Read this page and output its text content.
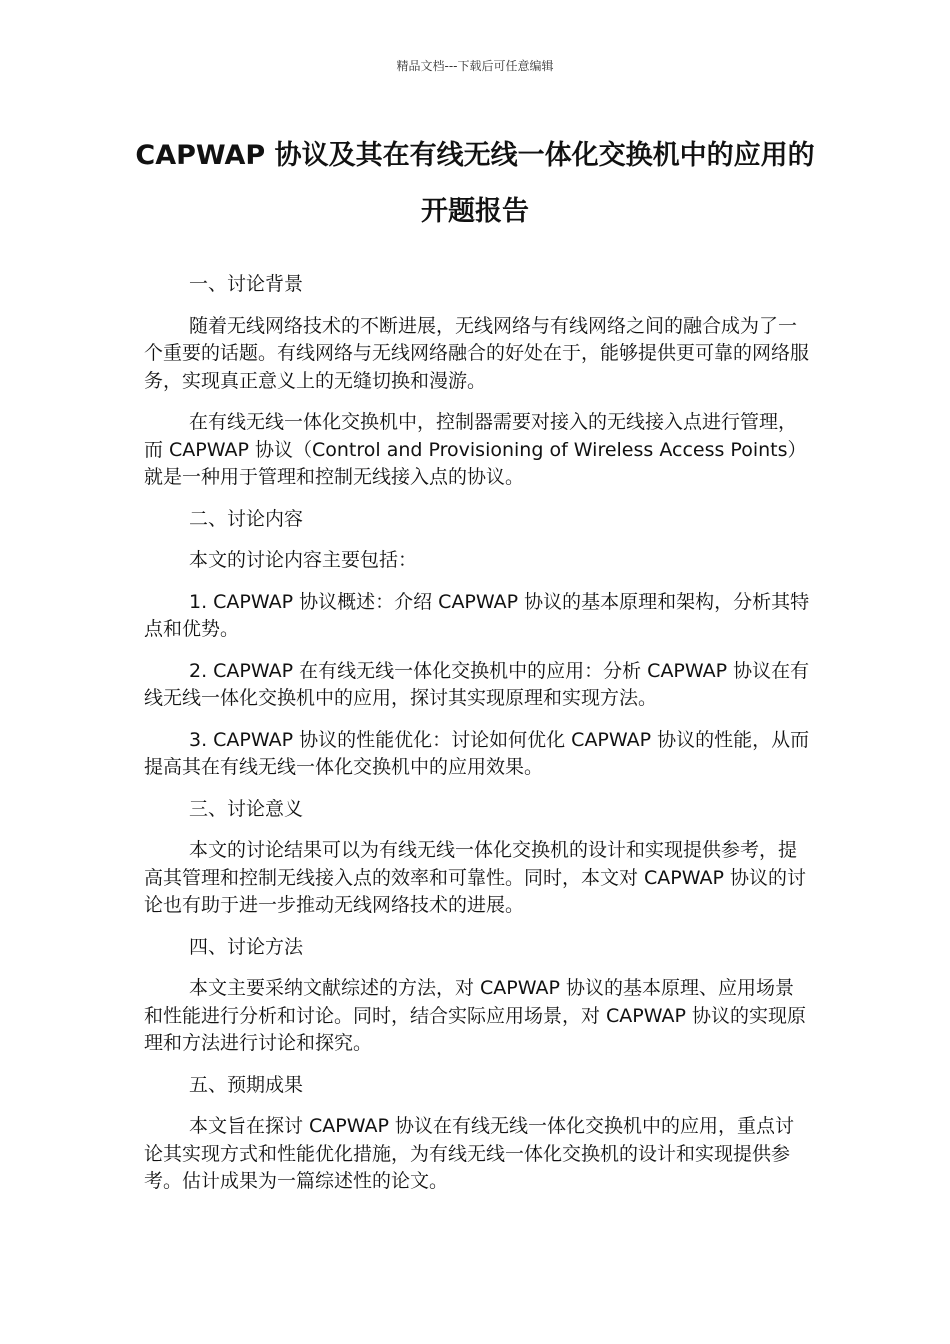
精品文档---下载后可任意编辑
CAPWAP 协议及其在有线无线一体化交换机中的应用的开题报告
一、讨论背景
随着无线网络技术的不断进展，无线网络与有线网络之间的融合成为了一个重要的话题。有线网络与无线网络融合的好处在于，能够提供更可靠的网络服务，实现真正意义上的无缝切换和漫游。
在有线无线一体化交换机中，控制器需要对接入的无线接入点进行管理，而 CAPWAP 协议（Control and Provisioning of Wireless Access Points）就是一种用于管理和控制无线接入点的协议。
二、讨论内容
本文的讨论内容主要包括：
1. CAPWAP 协议概述：介绍 CAPWAP 协议的基本原理和架构，分析其特点和优势。
2. CAPWAP 在有线无线一体化交换机中的应用：分析 CAPWAP 协议在有线无线一体化交换机中的应用，探讨其实现原理和实现方法。
3. CAPWAP 协议的性能优化：讨论如何优化 CAPWAP 协议的性能，从而提高其在有线无线一体化交换机中的应用效果。
三、讨论意义
本文的讨论结果可以为有线无线一体化交换机的设计和实现提供参考，提高其管理和控制无线接入点的效率和可靠性。同时，本文对 CAPWAP 协议的讨论也有助于进一步推动无线网络技术的进展。
四、讨论方法
本文主要采纳文献综述的方法，对 CAPWAP 协议的基本原理、应用场景和性能进行分析和讨论。同时，结合实际应用场景，对 CAPWAP 协议的实现原理和方法进行讨论和探究。
五、预期成果
本文旨在探讨 CAPWAP 协议在有线无线一体化交换机中的应用，重点讨论其实现方式和性能优化措施，为有线无线一体化交换机的设计和实现提供参考。估计成果为一篇综述性的论文。
